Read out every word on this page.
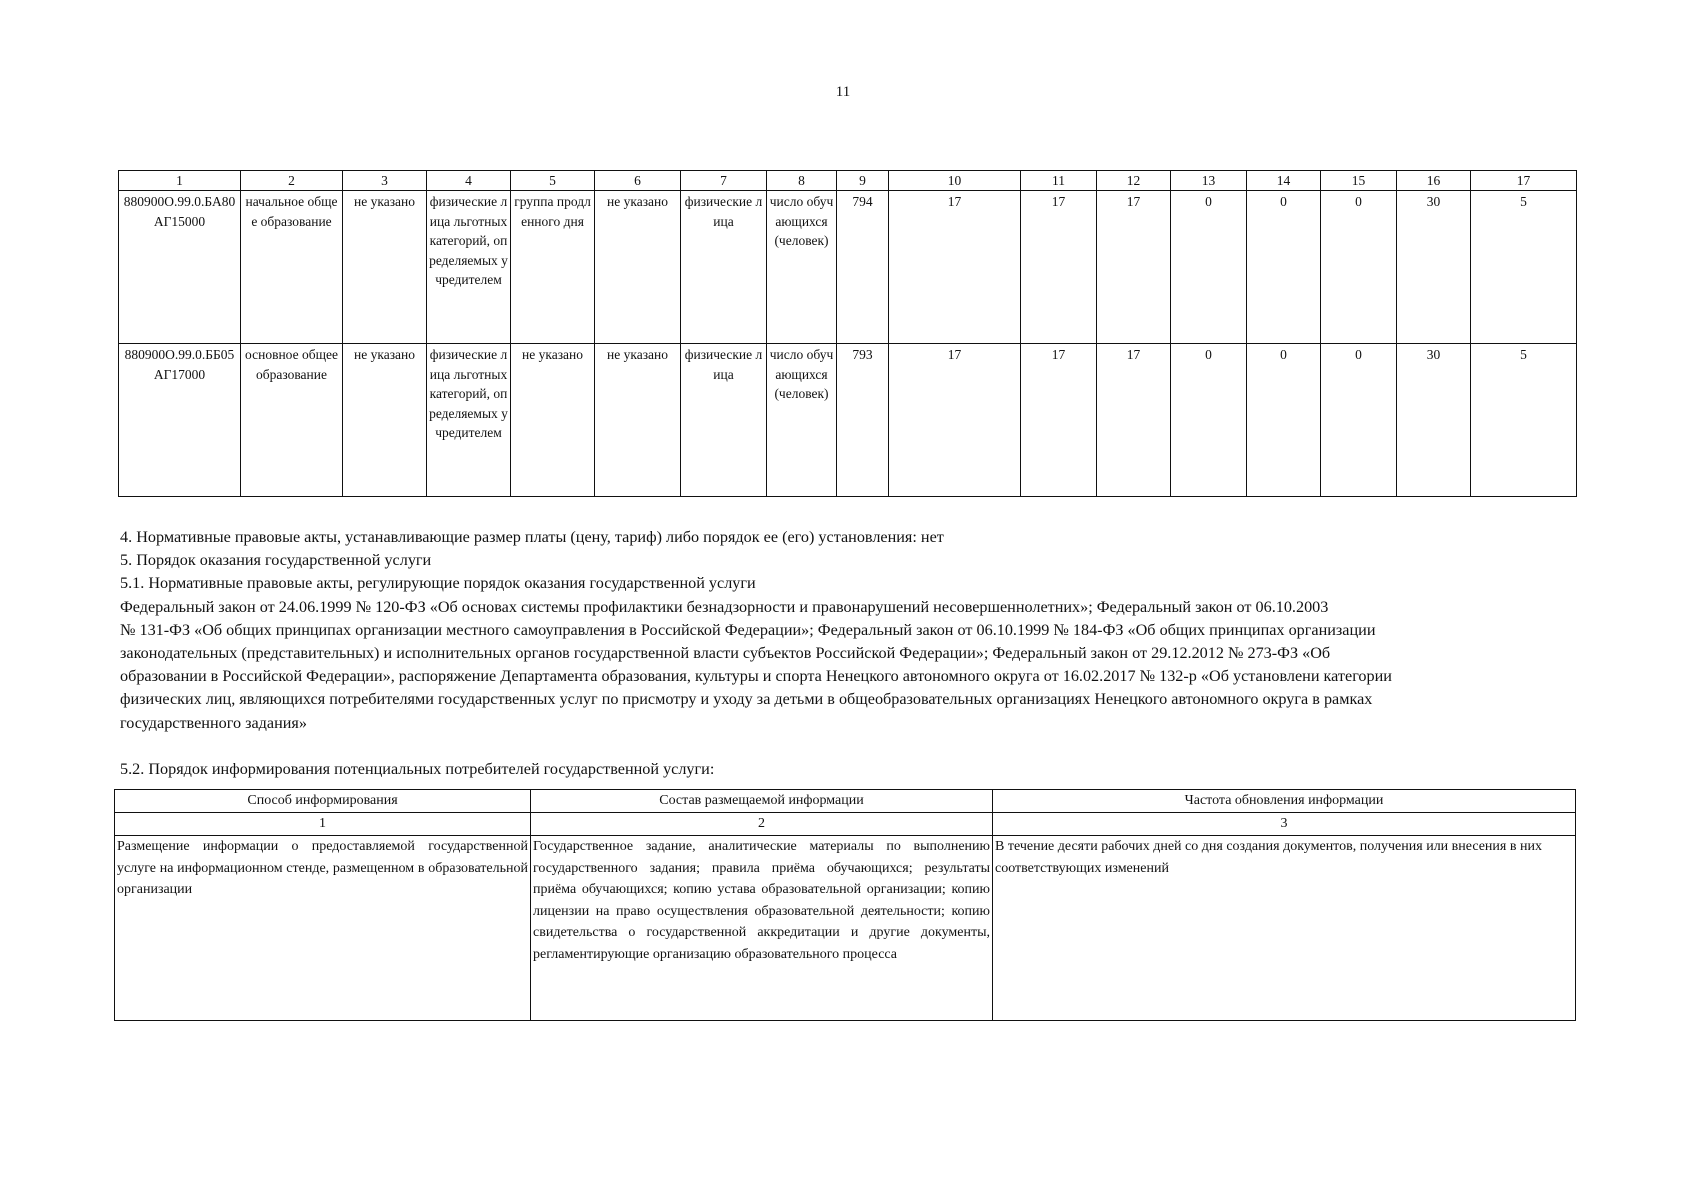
11
1	2	3	4	5	6	7	8	9	10	11	12	13	14	15	16	17
880900О.99.0.БА80АГ15000	начальное общее образование	не указано	физические лица льготных категорий, определяемых учредителем	группа продленного дня	не указано	физические лица	число обучающихся (человек)	794	17	17	17	0	0	0	30	5
880900О.99.0.ББ05АГ17000	основное общее образование	не указано	физические лица льготных категорий, определяемых учредителем	не указано	не указано	физические лица	число обучающихся (человек)	793	17	17	17	0	0	0	30	5

4. Нормативные правовые акты, устанавливающие размер платы (цену, тариф) либо порядок ее (его) установления: нет

5. Порядок оказания государственной услуги

5.1. Нормативные правовые акты, регулирующие порядок оказания государственной услуги

Федеральный закон от 24.06.1999 № 120-ФЗ «Об основах системы профилактики безнадзорности и правонарушений несовершеннолетних»; Федеральный закон от 06.10.2003

№ 131-ФЗ «Об общих принципах организации местного самоуправления в Российской Федерации»; Федеральный закон от 06.10.1999 № 184-ФЗ «Об общих принципах организации

законодательных (представительных) и исполнительных органов государственной власти субъектов Российской Федерации»; Федеральный закон от 29.12.2012 № 273-ФЗ «Об

образовании в Российской Федерации», распоряжение Департамента образования, культуры и спорта Ненецкого автономного округа от 16.02.2017 № 132-р «Об установлени категории

физических лиц, являющихся потребителями государственных услуг по присмотру и уходу за детьми в общеобразовательных организациях Ненецкого автономного округа в рамках

государственного задания»

5.2. Порядок информирования потенциальных потребителей государственной услуги:
Способ информирования	Состав размещаемой информации	Частота обновления информации
1	2	3
Размещение информации о предоставляемой государственной услуге на информационном стенде, размещенном в образовательной организации	Государственное задание, аналитические материалы по выполнению государственного задания; правила приёма обучающихся; результаты приёма обучающихся; копию устава образовательной организации; копию лицензии на право осуществления образовательной деятельности; копию свидетельства о государственной аккредитации и другие документы, регламентирующие организацию образовательного процесса	В течение десяти рабочих дней со дня создания документов, получения или внесения в них соответствующих изменений
